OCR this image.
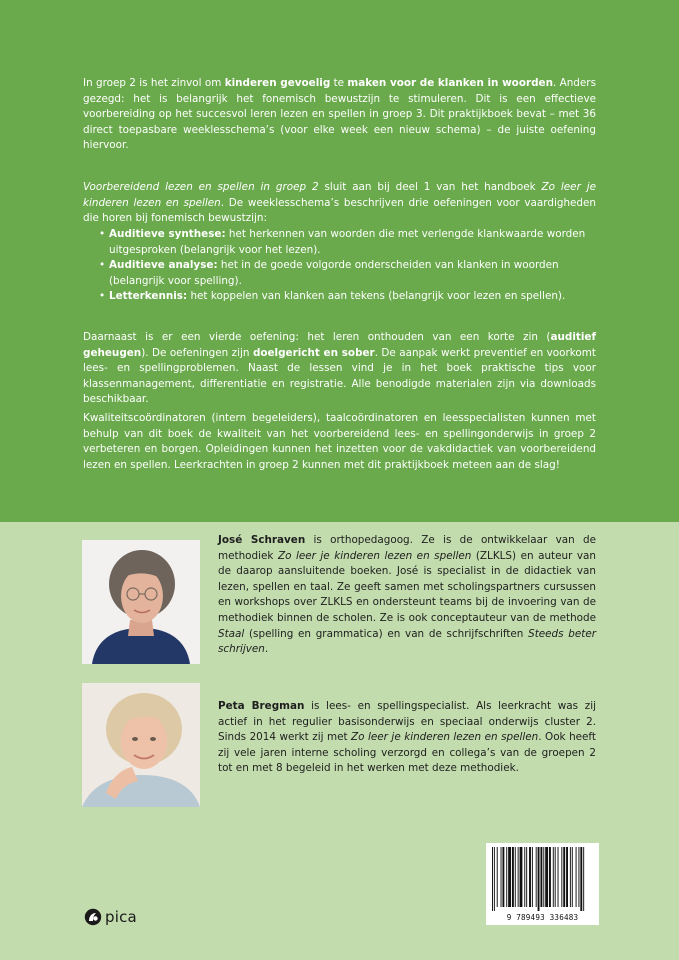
In groep 2 is het zinvol om kinderen gevoelig te maken voor de klanken in woorden. Anders gezegd: het is belangrijk het fonemisch bewustzijn te stimuleren. Dit is een effectieve voorbereiding op het succesvol leren lezen en spellen in groep 3. Dit praktijkboek bevat – met 36 direct toepasbare weeklesschema’s (voor elke week een nieuw schema) – de juiste oefening hiervoor.

Voorbereidend lezen en spellen in groep 2 sluit aan bij deel 1 van het handboek Zo leer je kinderen lezen en spellen. De weeklesschema’s beschrijven drie oefeningen voor vaardigheden die horen bij fonemisch bewustzijn:

• Auditieve synthese: het herkennen van woorden die met verlengde klankwaarde worden uitgesproken (belangrijk voor het lezen).
• Auditieve analyse: het in de goede volgorde onderscheiden van klanken in woorden (belangrijk voor spelling).
• Letterkennis: het koppelen van klanken aan tekens (belangrijk voor lezen en spellen).

Daarnaast is er een vierde oefening: het leren onthouden van een korte zin (auditief geheugen). De oefeningen zijn doelgericht en sober. De aanpak werkt preventief en voorkomt lees- en spellingproblemen. Naast de lessen vind je in het boek praktische tips voor klassenmanagement, differentiatie en registratie. Alle benodigde materialen zijn via downloads beschikbaar.

Kwaliteitscoördinatoren (intern begeleiders), taalcoördinatoren en leesspecialisten kunnen met behulp van dit boek de kwaliteit van het voorbereidend lees- en spellingonderwijs in groep 2 verbeteren en borgen. Opleidingen kunnen het inzetten voor de vakdidactiek van voorbereidend lezen en spellen. Leerkrachten in groep 2 kunnen met dit praktijkboek meteen aan de slag!

José Schraven is orthopedagoog. Ze is de ontwikkelaar van de methodiek Zo leer je kinderen lezen en spellen (ZLKLS) en auteur van de daarop aansluitende boeken. José is specialist in de didactiek van lezen, spellen en taal. Ze geeft samen met scholingspartners cursussen en workshops over ZLKLS en ondersteunt teams bij de invoering van de methodiek binnen de scholen. Ze is ook conceptauteur van de methode Staal (spelling en grammatica) en van de schrijfschriften Steeds beter schrijven.
Peta Bregman is lees- en spellingspecialist. Als leerkracht was zij actief in het regulier basisonderwijs en speciaal onderwijs cluster 2. Sinds 2014 werkt zij met Zo leer je kinderen lezen en spellen. Ook heeft zij vele jaren interne scholing verzorgd en collega’s van de groepen 2 tot en met 8 begeleid in het werken met deze methodiek.
9 789493 336483
pica
